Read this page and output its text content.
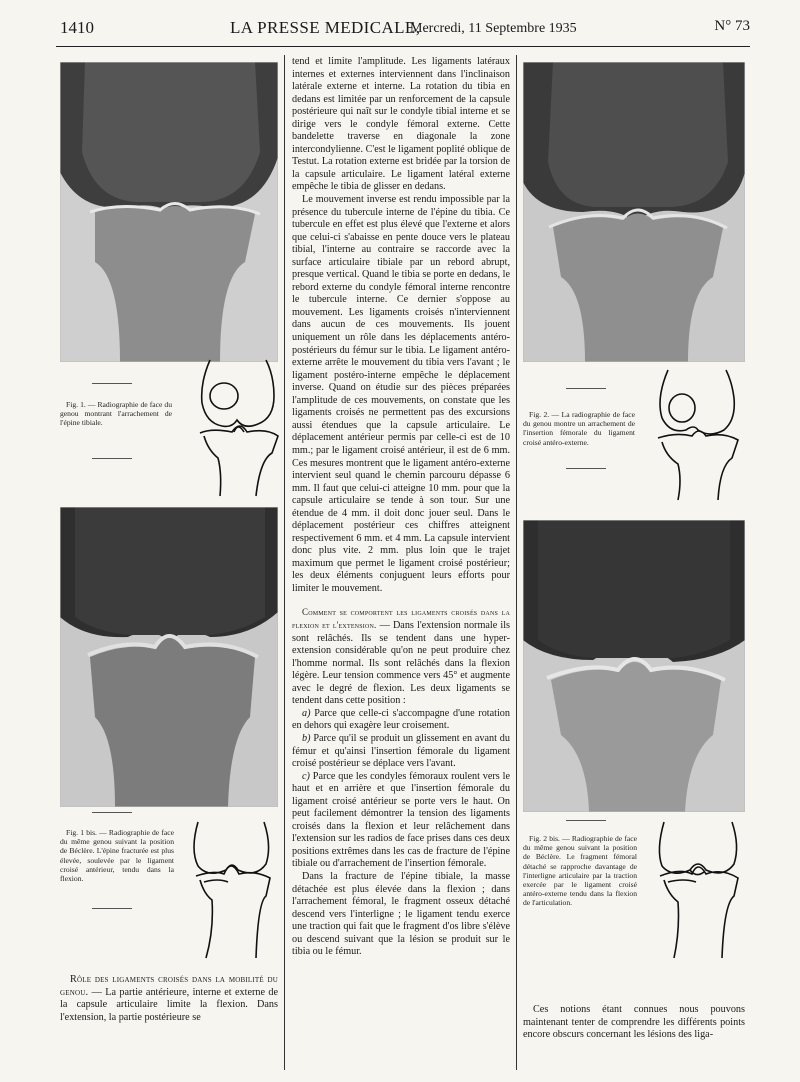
1410	LA PRESSE MEDICALE,
Mercredi, 11 Septembre 1935	N° 73

Fig. 1. — Radiographie de face du genou montrant l'arrachement de l'épine tibiale.

Fig. 1 bis. — Radiographie de face du même genou suivant la position de Béclère. L'épine fracturée est plus élevée, soulevée par le ligament croisé antérieur, tendu dans la flexion.

Rôle des ligaments croisés dans la mobilité du genou. — La partie antérieure, interne et externe de la capsule articulaire limite la flexion. Dans l'extension, la partie postérieure se

tend et limite l'amplitude. Les ligaments latéraux internes et externes interviennent dans l'inclinaison latérale externe et interne. La rotation du tibia en dedans est limitée par un renforcement de la capsule postérieure qui naît sur le condyle tibial interne et se dirige vers le condyle fémoral externe. Cette bandelette traverse en diagonale la zone intercondylienne. C'est le ligament poplité oblique de Testut. La rotation externe est bridée par la torsion de la capsule articulaire. Le ligament latéral externe empêche le tibia de glisser en dedans.

Le mouvement inverse est rendu impossible par la présence du tubercule interne de l'épine du tibia. Ce tubercule en effet est plus élevé que l'externe et alors que celui-ci s'abaisse en pente douce vers le plateau tibial, l'interne au contraire se raccorde avec la surface articulaire tibiale par un rebord abrupt, presque vertical. Quand le tibia se porte en dedans, le rebord externe du condyle fémoral interne rencontre le tubercule interne. Ce dernier s'oppose au mouvement. Les ligaments croisés n'interviennent dans aucun de ces mouvements. Ils jouent uniquement un rôle dans les déplacements antéro-postérieurs du fémur sur le tibia. Le ligament antéro-externe arrête le mouvement du tibia vers l'avant ; le ligament postéro-interne empêche le déplacement inverse. Quand on étudie sur des pièces préparées l'amplitude de ces mouvements, on constate que les ligaments croisés ne permettent pas des excursions aussi étendues que la capsule articulaire. Le déplacement antérieur permis par celle-ci est de 10 mm.; par le ligament croisé antérieur, il est de 6 mm. Ces mesures montrent que le ligament antéro-externe intervient seul quand le chemin parcouru dépasse 6 mm. Il faut que celui-ci atteigne 10 mm. pour que la capsule articulaire se tende à son tour. Sur une étendue de 4 mm. il doit donc jouer seul. Dans le déplacement postérieur ces chiffres atteignent respectivement 6 mm. et 4 mm. La capsule intervient donc plus vite. 2 mm. plus loin que le trajet maximum que permet le ligament croisé postérieur; les deux éléments conjuguent leurs efforts pour limiter le mouvement.

Comment se comportent les ligaments croisés dans la flexion et l'extension. — Dans l'extension normale ils sont relâchés. Ils se tendent dans une hyper-extension considérable qu'on ne peut produire chez l'homme normal. Ils sont relâchés dans la flexion légère. Leur tension commence vers 45° et augmente avec le degré de flexion. Les deux ligaments se tendent dans cette position :

a) Parce que celle-ci s'accompagne d'une rotation en dehors qui exagère leur croisement.

b) Parce qu'il se produit un glissement en avant du fémur et qu'ainsi l'insertion fémorale du ligament croisé postérieur se déplace vers l'avant.

c) Parce que les condyles fémoraux roulent vers le haut et en arrière et que l'insertion fémorale du ligament croisé antérieur se porte vers le haut. On peut facilement démontrer la tension des ligaments croisés dans la flexion et leur relâchement dans l'extension sur les radios de face prises dans ces deux positions extrêmes dans les cas de fracture de l'épine tibiale ou d'arrachement de l'insertion fémorale.

Dans la fracture de l'épine tibiale, la masse détachée est plus élevée dans la flexion ; dans l'arrachement fémoral, le fragment osseux détaché descend vers l'interligne ; le ligament tendu exerce une traction qui fait que le fragment d'os libre s'élève ou descend suivant que la lésion se produit sur le tibia ou le fémur.

Fig. 2. — La radiographie de face du genou montre un arrachement de l'insertion fémorale du ligament croisé antéro-externe.

Fig. 2 bis. — Radiographie de face du même genou suivant la position de Béclère. Le fragment fémoral détaché se rapproche davantage de l'interligne articulaire par la traction exercée par le ligament croisé antéro-externe tendu dans la flexion de l'articulation.

Ces notions étant connues nous pouvons maintenant tenter de comprendre les différents points encore obscurs concernant les lésions des liga-
